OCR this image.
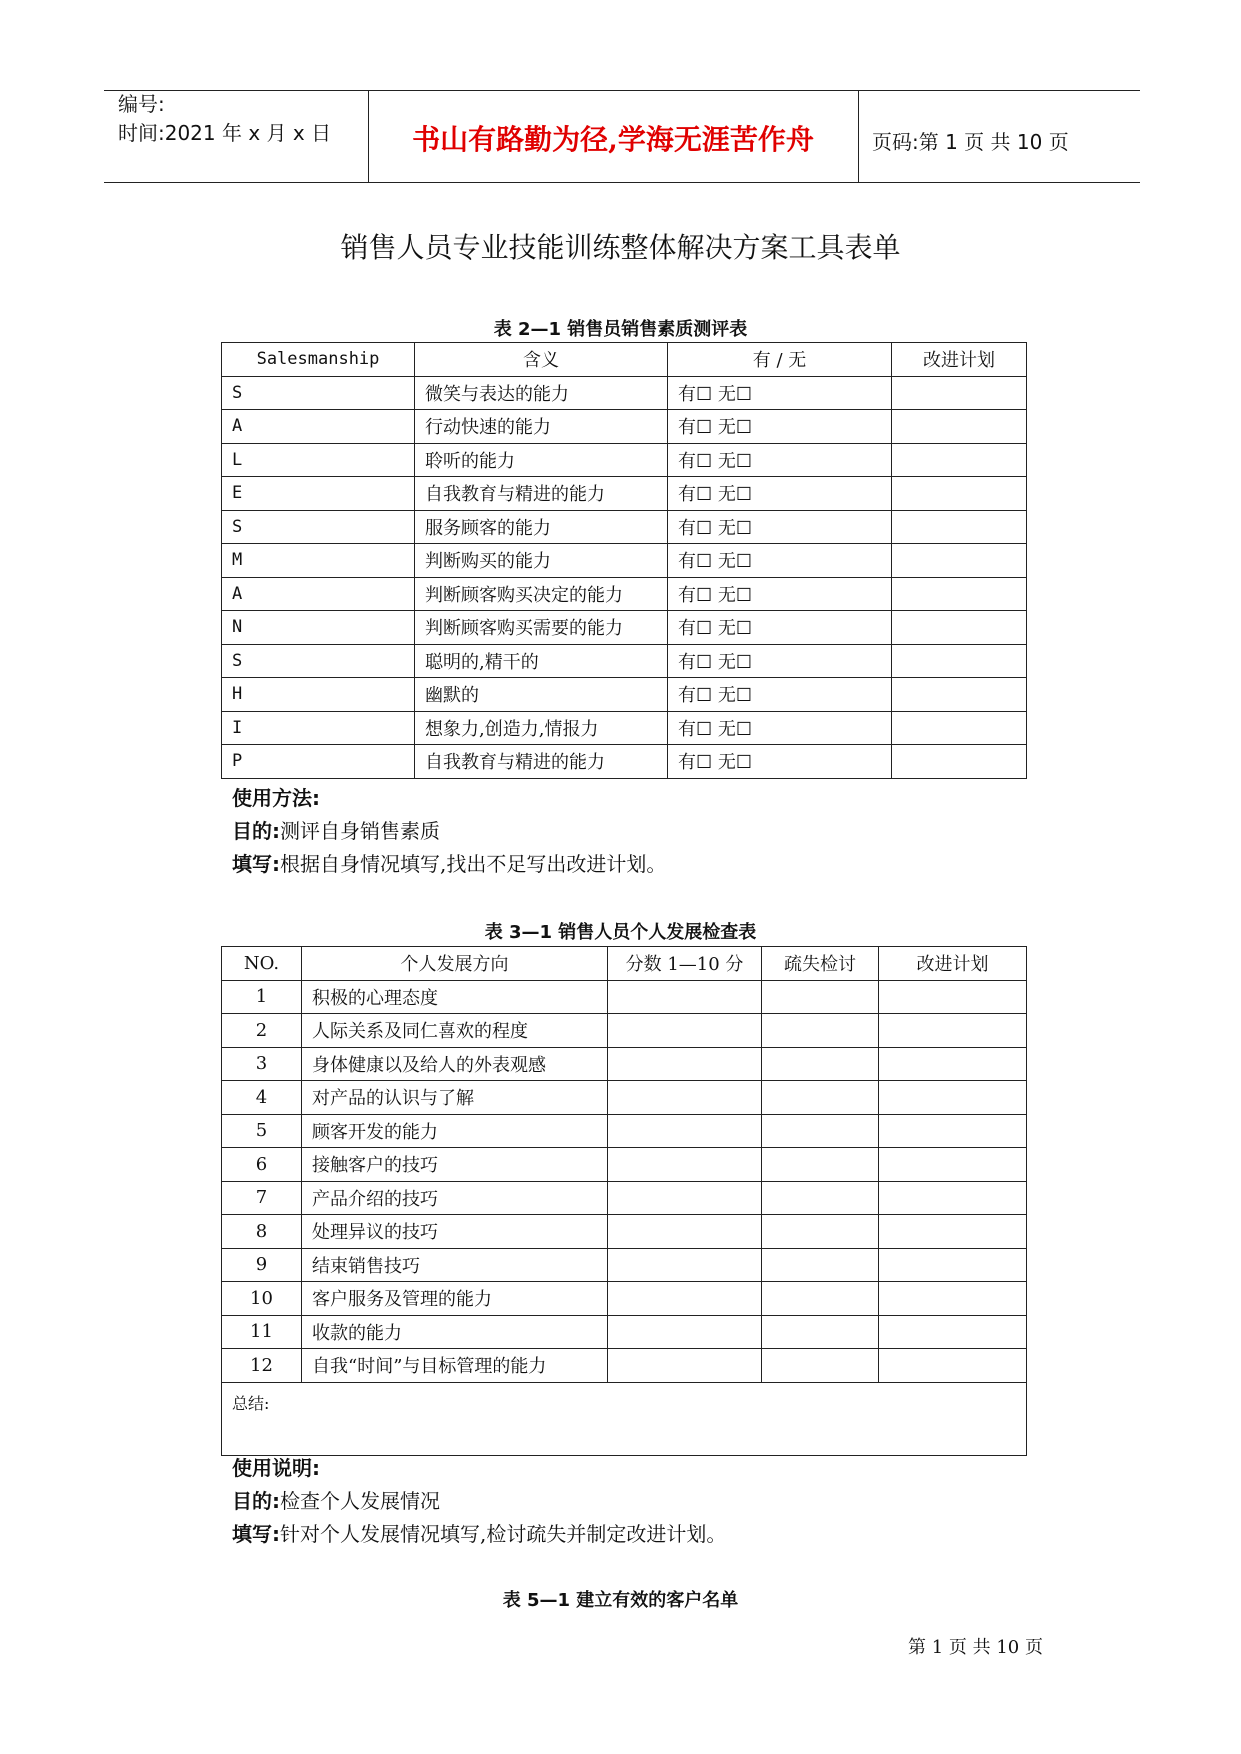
编号:
时间:2021 年 x 月 x 日	书山有路勤为径,学海无涯苦作舟	页码:第 1 页 共 10 页
销售人员专业技能训练整体解决方案工具表单
表 2—1 销售员销售素质测评表
Salesmanship	含义	有 / 无	改进计划
S	微笑与表达的能力	有☐ 无☐	
A	行动快速的能力	有☐ 无☐	
L	聆听的能力	有☐ 无☐	
E	自我教育与精进的能力	有☐ 无☐	
S	服务顾客的能力	有☐ 无☐	
M	判断购买的能力	有☐ 无☐	
A	判断顾客购买决定的能力	有☐ 无☐	
N	判断顾客购买需要的能力	有☐ 无☐	
S	聪明的,精干的	有☐ 无☐	
H	幽默的	有☐ 无☐	
I	想象力,创造力,情报力	有☐ 无☐	
P	自我教育与精进的能力	有☐ 无☐	
使用方法:
目的:测评自身销售素质
填写:根据自身情况填写,找出不足写出改进计划。
表 3—1 销售人员个人发展检查表
NO.	个人发展方向	分数 1—10 分	疏失检讨	改进计划
1	积极的心理态度			
2	人际关系及同仁喜欢的程度			
3	身体健康以及给人的外表观感			
4	对产品的认识与了解			
5	顾客开发的能力			
6	接触客户的技巧			
7	产品介绍的技巧			
8	处理异议的技巧			
9	结束销售技巧			
10	客户服务及管理的能力			
11	收款的能力			
12	自我“时间”与目标管理的能力			
总结:				
使用说明:
目的:检查个人发展情况
填写:针对个人发展情况填写,检讨疏失并制定改进计划。
表 5—1 建立有效的客户名单
第 1 页 共 10 页
